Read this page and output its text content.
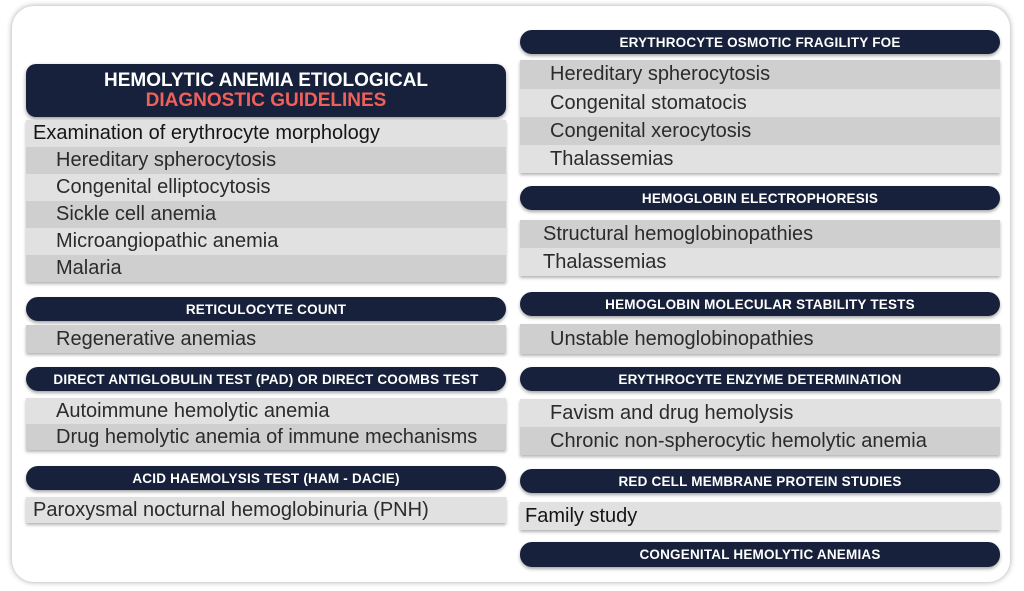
HEMOLYTIC ANEMIA ETIOLOGICAL
DIAGNOSTIC GUIDELINES
Examination of erythrocyte morphology
Hereditary spherocytosis
Congenital elliptocytosis
Sickle cell anemia
Microangiopathic anemia
Malaria
RETICULOCYTE COUNT
Regenerative anemias
DIRECT ANTIGLOBULIN TEST (PAD) OR DIRECT COOMBS TEST
Autoimmune hemolytic anemia
Drug hemolytic anemia of immune mechanisms
ACID HAEMOLYSIS TEST (HAM - DACIE)
Paroxysmal nocturnal hemoglobinuria (PNH)
ERYTHROCYTE OSMOTIC FRAGILITY FOE
Hereditary spherocytosis
Congenital stomatocis
Congenital xerocytosis
Thalassemias
HEMOGLOBIN ELECTROPHORESIS
Structural hemoglobinopathies
Thalassemias
HEMOGLOBIN MOLECULAR STABILITY TESTS
Unstable hemoglobinopathies
ERYTHROCYTE ENZYME DETERMINATION
Favism and drug hemolysis
Chronic non-spherocytic hemolytic anemia
RED CELL MEMBRANE PROTEIN STUDIES
Family study
CONGENITAL HEMOLYTIC ANEMIAS
